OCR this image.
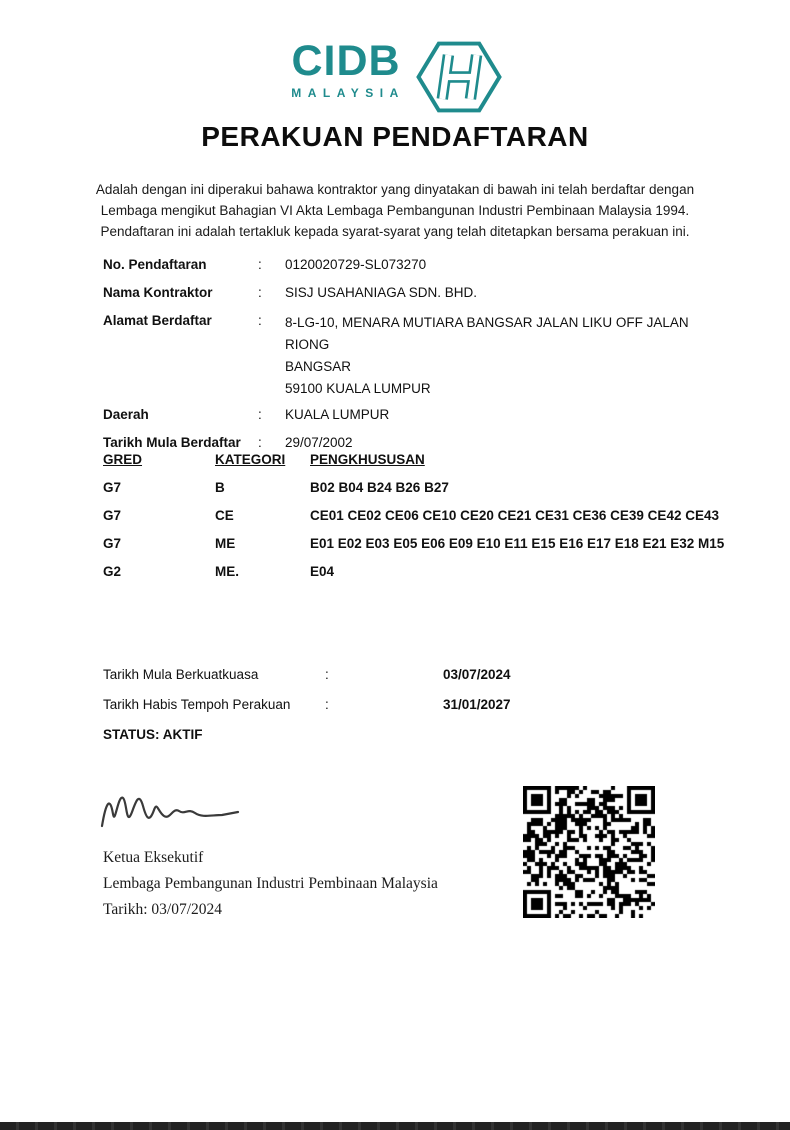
CIDB
MALAYSIA
PERAKUAN PENDAFTARAN
Adalah dengan ini diperakui bahawa kontraktor yang dinyatakan di bawah ini telah berdaftar dengan Lembaga mengikut Bahagian VI Akta Lembaga Pembangunan Industri Pembinaan Malaysia 1994. Pendaftaran ini adalah tertakluk kepada syarat-syarat yang telah ditetapkan bersama perakuan ini.
No. Pendaftaran	:	0120020729-SL073270
Nama Kontraktor	:	SISJ USAHANIAGA SDN. BHD.
Alamat Berdaftar	:	8-LG-10, MENARA MUTIARA BANGSAR JALAN LIKU OFF JALAN RIONG
BANGSAR
59100 KUALA LUMPUR
Daerah	:	KUALA LUMPUR
Tarikh Mula Berdaftar	:	29/07/2002
GRED	KATEGORI	PENGKHUSUSAN
G7	B	B02 B04 B24 B26 B27
G7	CE	CE01 CE02 CE06 CE10 CE20 CE21 CE31 CE36 CE39 CE42 CE43
G7	ME	E01 E02 E03 E05 E06 E09 E10 E11 E15 E16 E17 E18 E21 E32 M15
G2	ME.	E04
Tarikh Mula Berkuatkuasa	:	03/07/2024
Tarikh Habis Tempoh Perakuan	:	31/01/2027
STATUS: AKTIF
Ketua Eksekutif
Lembaga Pembangunan Industri Pembinaan Malaysia
Tarikh: 03/07/2024
